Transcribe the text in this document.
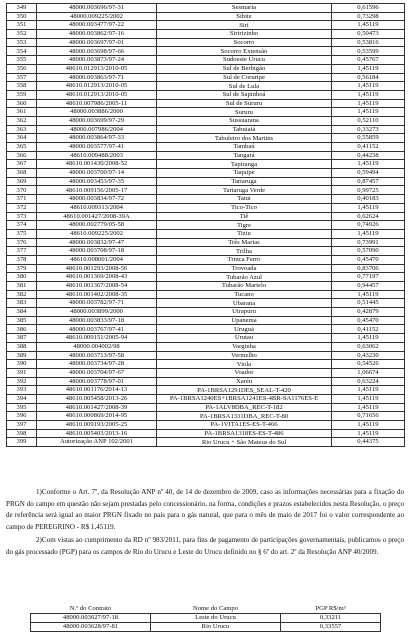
349	48000.003696/97-31	Sesmaria	0,61596
350	48000.009225/2002	Sibite	0,73298
351	48000.003477/97-22	Siri	1,45119
352	48000.003862/97-16	Siririzinho	0,50473
353	48000.003697/97-01	Socorro	0,53816
354	48000.003698/97-66	Socorro Extensão	0,53599
355	48000.003873/97-24	Sudoeste Urucu	0,45767
356	48610.012913/2010-05	Sul de Berbigão	1,45119
357	48000.003863/97-71	Sul de Coruripe	0,56184
358	48610.012913/2010-05	Sul de Lula	1,45119
359	48610.012913/2010-05	Sul de Sapinhoá	1,45119
360	48610.007986/2005-11	Sul de Sururu	1,45119
361	48000.003886/2000	Sururu	1,45119
362	48000.003699/97-29	Sussuarana	0,52110
363	48000.007986/2004	Tabuiaiá	0,33273
364	48000.003864/97-33	Tabuleiro dos Martins	0,55859
365	48000.003577/97-41	Tambaú	0,41152
366	48610.009488/2003	Tangará	0,44238
367	48610.001430/2008-52	Tapiranga	1,45119
368	48000.003700/97-14	Taquipe	0,59494
369	48000.003453/97-35	Tartaruga	0,87457
370	48610.009156/2005-17	Tartaruga Verde	0,99725
371	48000.003834/97-72	Tatui	0,40183
372	48610.009313/2004	Tico-Tico	1,45119
373	48610.001427/2008-39A	Tiê	0,62624
374	48000.002779/05-58	Tigre	0,74926
375	48610.009225/2002	Tiziu	1,45119
376	48000.003832/97-47	Três Marias	0,73991
377	48000.003708/97-18	Trilha	0,57090
378	48610.008001/2004	Trinca Ferro	0,45470
379	48610.001293/2008-56	Trovoada	0,83706
380	48610.001369/2008-43	Tubarão Azul	0,77197
381	48610.001367/2008-54	Tubarão Martelo	0,94457
382	48610.001402/2008-35	Tucano	1,45119
383	48000.003782/97-71	Ubarana	0,51445
384	48000.003899/2000	Uirapuru	0,42879
385	48000.003833/97-18	Upanema	0,45470
386	48000.003767/97-41	Uruguá	0,41152
387	48610.009151/2005-94	Urutau	1,45119
388	48000.004002/98	Varginha	0,63062
389	48000.003713/97-58	Vermelho	0,43230
390	48000.003734/97-28	Viola	0,54526
391	48000.003704/97-67	Voador	1,06674
392	48000.003778/97-01	Xaréu	0,63224
393	48610.001176/2014-13	PA-1BRSA1291DES_SEAL-T-420	1,45119
394	48610.005458/2013-26	PA-1BRSA1240ES+1BRSA1241ES-4BR-SA1176ES-E	1,45119
395	48610.001427/2008-39	PA-1ALV8DBA_REC-T-182	1,45119
396	48610.000869/2014-95	PA-1BRSA1331DBA_REC-T-80	0,71656
397	48610.009193/2005-25	PA-1VITA1ES-ES-T-466	1,45119
398	48610.005403/2013-16	PA-1BRSA1318ES-ES-T-486	1,45119
399	Autorização ANP 102/2001	Rio Urucu + São Mateus do Sul	0,44375

1)Conforme o Art. 7º, da Resolução ANP nº 40, de 14 de dezembro de 2009, caso as informações necessárias para a fixação do PRGN do campo em questão não sejam prestadas pelo concessionário, na forma, condições e prazos estabelecidos nesta Resolução, o preço de referência será igual ao maior PRGN fixado no país para o gás natural, que para o mês de maio de 2017 foi o valor correspondente ao campo de PEREGRINO - R$ 1,45119.

2)Com vistas ao cumprimento da RD nº 983/2011, para fins de pagamento de participações governamentais, publicamos o preço do gás processado (PGP) para os campos de Rio do Urucu e Leste do Urucu definido no § 6º do art. 2º da Resolução ANP 40/2009.

N.º do Contrato	Nome do Campo	PGP R$/m³
48000.003627/97-18	Leste do Urucu	0,33211
48000.003628/97-81	Rio Urucu	0,33557
